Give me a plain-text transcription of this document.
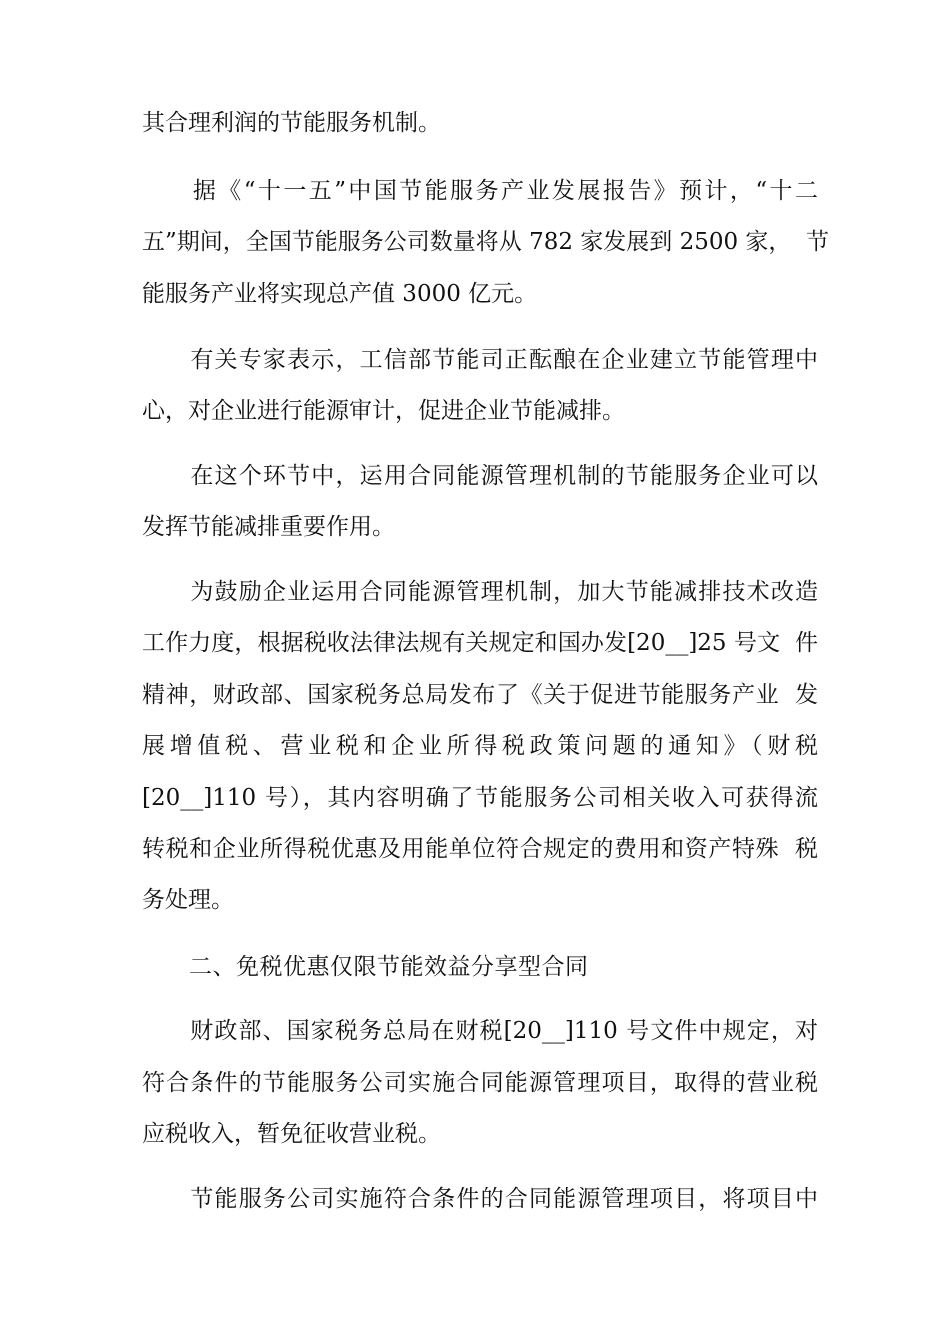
其合理利润的节能服务机制。
　　据《“十一五”中国节能服务产业发展报告》预计，“十二
五”期间，全国节能服务公司数量将从 782 家发展到 2500 家，  节
能服务产业将实现总产值 3000 亿元。
　　有关专家表示，工信部节能司正酝酿在企业建立节能管理中
心，对企业进行能源审计，促进企业节能减排。
　　在这个环节中，运用合同能源管理机制的节能服务企业可以
发挥节能减排重要作用。
　　为鼓励企业运用合同能源管理机制，加大节能减排技术改造
工作力度，根据税收法律法规有关规定和国办发[20__]25 号文  件
精神，财政部、国家税务总局发布了《关于促进节能服务产业  发
展增值税、营业税和企业所得税政策问题的通知》（财税
[20__]110 号），其内容明确了节能服务公司相关收入可获得流
转税和企业所得税优惠及用能单位符合规定的费用和资产特殊  税
务处理。
　　二、免税优惠仅限节能效益分享型合同
　　财政部、国家税务总局在财税[20__]110 号文件中规定，对
符合条件的节能服务公司实施合同能源管理项目，取得的营业税
应税收入，暂免征收营业税。
　　节能服务公司实施符合条件的合同能源管理项目，将项目中
